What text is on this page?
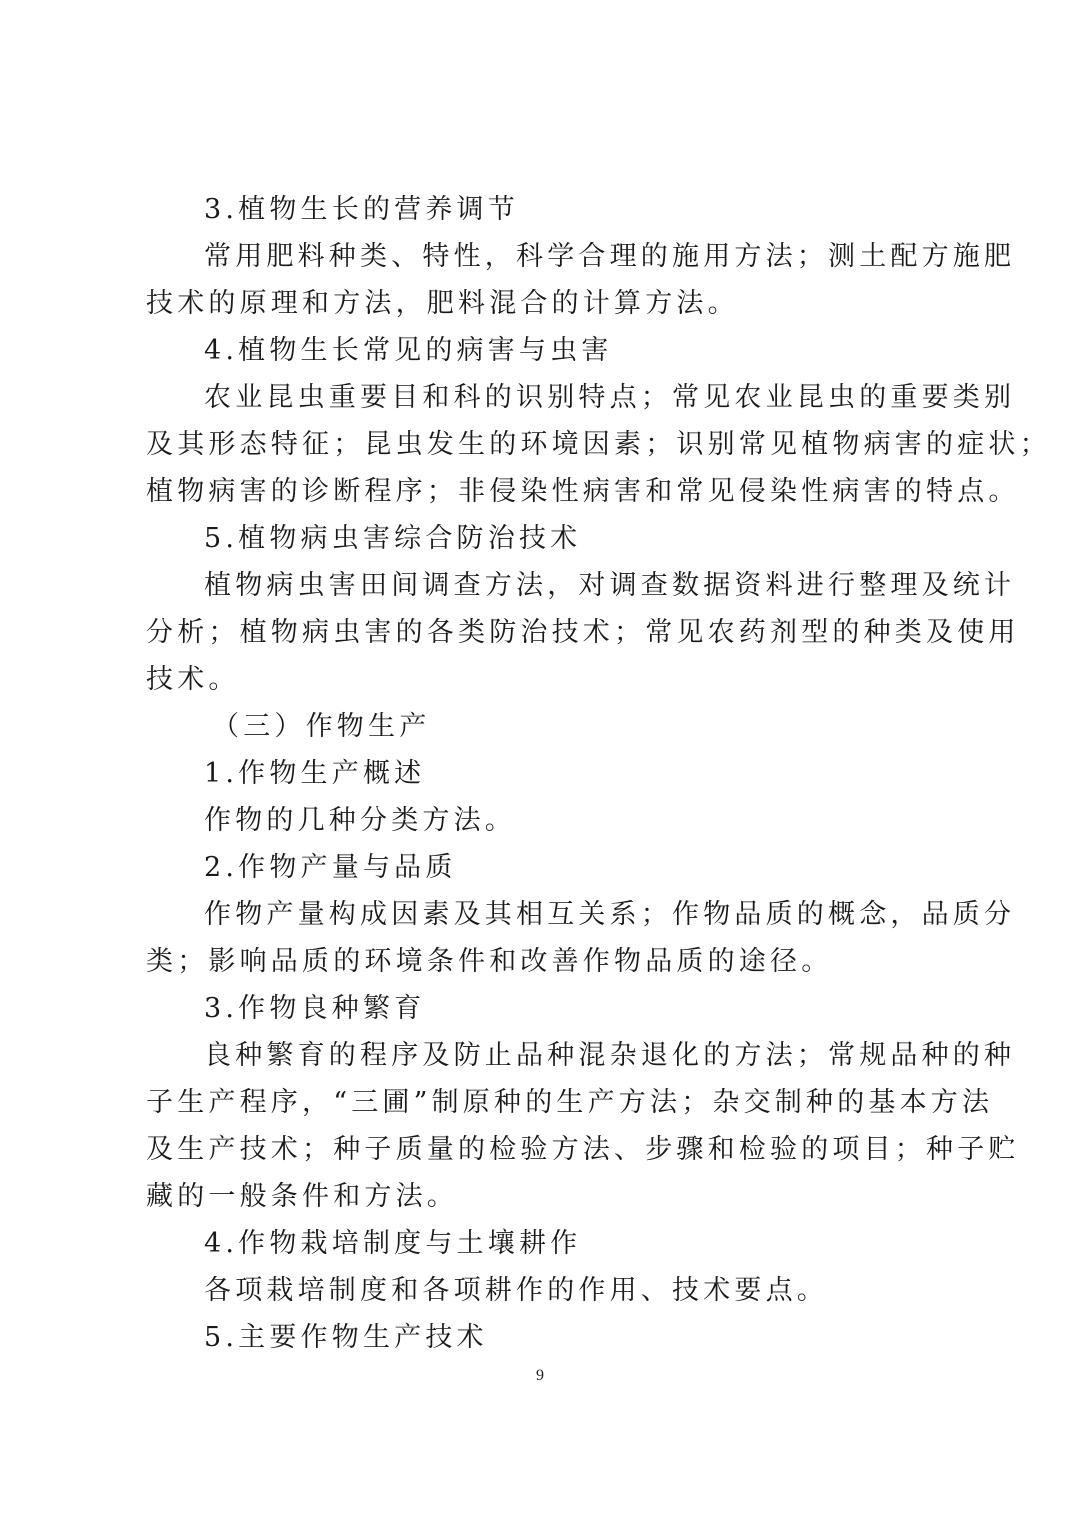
3.植物生长的营养调节
常用肥料种类、特性，科学合理的施用方法；测土配方施肥
技术的原理和方法，肥料混合的计算方法。
4.植物生长常见的病害与虫害
农业昆虫重要目和科的识别特点；常见农业昆虫的重要类别
及其形态特征；昆虫发生的环境因素；识别常见植物病害的症状；
植物病害的诊断程序；非侵染性病害和常见侵染性病害的特点。
5.植物病虫害综合防治技术
植物病虫害田间调查方法，对调查数据资料进行整理及统计
分析；植物病虫害的各类防治技术；常见农药剂型的种类及使用
技术。
（三）作物生产
1.作物生产概述
作物的几种分类方法。
2.作物产量与品质
作物产量构成因素及其相互关系；作物品质的概念，品质分
类；影响品质的环境条件和改善作物品质的途径。
3.作物良种繁育
良种繁育的程序及防止品种混杂退化的方法；常规品种的种
子生产程序，“三圃”制原种的生产方法；杂交制种的基本方法
及生产技术；种子质量的检验方法、步骤和检验的项目；种子贮
藏的一般条件和方法。
4.作物栽培制度与土壤耕作
各项栽培制度和各项耕作的作用、技术要点。
5.主要作物生产技术
9
